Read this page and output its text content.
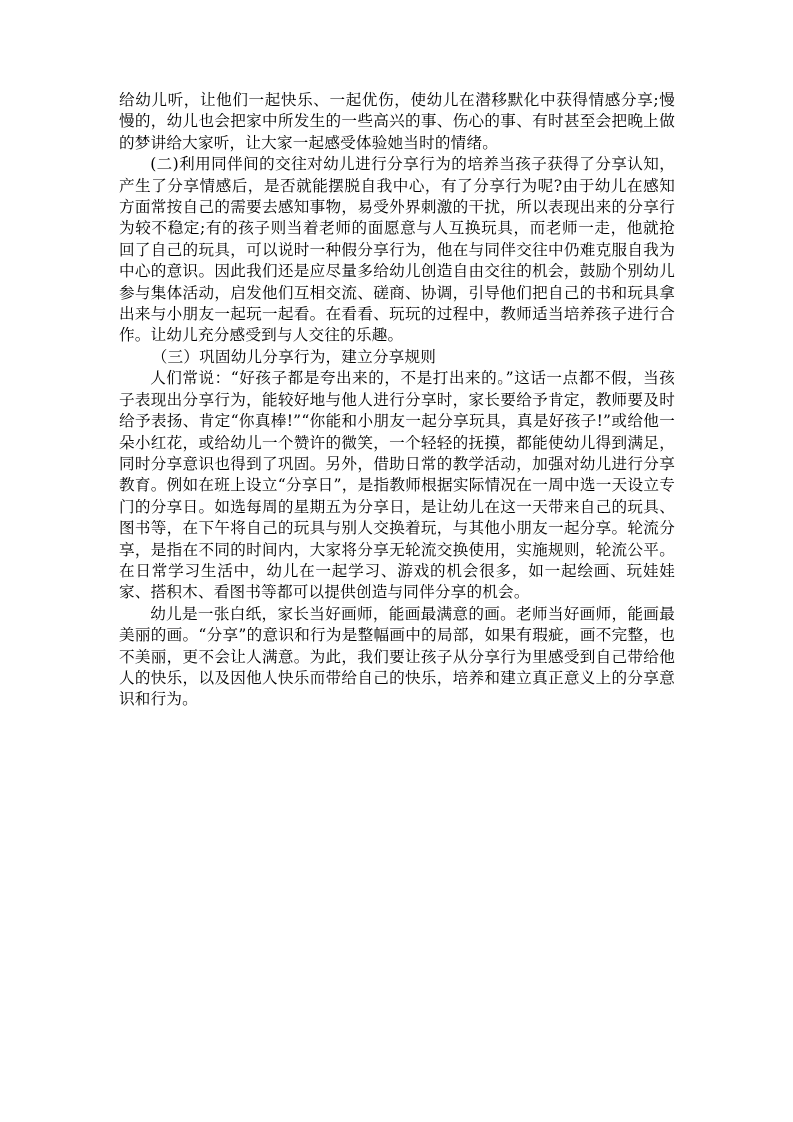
给幼儿听，让他们一起快乐、一起优伤，使幼儿在潜移默化中获得情感分享;慢慢的，幼儿也会把家中所发生的一些高兴的事、伤心的事、有时甚至会把晚上做的梦讲给大家听，让大家一起感受体验她当时的情绪。

(二)利用同伴间的交往对幼儿进行分享行为的培养当孩子获得了分享认知，产生了分享情感后，是否就能摆脱自我中心，有了分享行为呢?由于幼儿在感知方面常按自己的需要去感知事物，易受外界刺激的干扰，所以表现出来的分享行为较不稳定;有的孩子则当着老师的面愿意与人互换玩具，而老师一走，他就抢回了自己的玩具，可以说时一种假分享行为，他在与同伴交往中仍难克服自我为中心的意识。因此我们还是应尽量多给幼儿创造自由交往的机会，鼓励个别幼儿参与集体活动，启发他们互相交流、磋商、协调，引导他们把自己的书和玩具拿出来与小朋友一起玩一起看。在看看、玩玩的过程中，教师适当培养孩子进行合作。让幼儿充分感受到与人交往的乐趣。

（三）巩固幼儿分享行为，建立分享规则

人们常说：“好孩子都是夸出来的，不是打出来的。”这话一点都不假，当孩子表现出分享行为，能较好地与他人进行分享时，家长要给予肯定，教师要及时给予表扬、肯定“你真棒!”“你能和小朋友一起分享玩具，真是好孩子!”或给他一朵小红花，或给幼儿一个赞许的微笑，一个轻轻的抚摸，都能使幼儿得到满足，同时分享意识也得到了巩固。另外，借助日常的教学活动，加强对幼儿进行分享教育。例如在班上设立“分享日”，是指教师根据实际情况在一周中选一天设立专门的分享日。如选每周的星期五为分享日，是让幼儿在这一天带来自己的玩具、图书等，在下午将自己的玩具与别人交换着玩，与其他小朋友一起分享。轮流分享，是指在不同的时间内，大家将分享无轮流交换使用，实施规则，轮流公平。在日常学习生活中，幼儿在一起学习、游戏的机会很多，如一起绘画、玩娃娃家、搭积木、看图书等都可以提供创造与同伴分享的机会。

幼儿是一张白纸，家长当好画师，能画最满意的画。老师当好画师，能画最美丽的画。“分享”的意识和行为是整幅画中的局部，如果有瑕疵，画不完整，也不美丽，更不会让人满意。为此，我们要让孩子从分享行为里感受到自己带给他人的快乐，以及因他人快乐而带给自己的快乐，培养和建立真正意义上的分享意识和行为。
